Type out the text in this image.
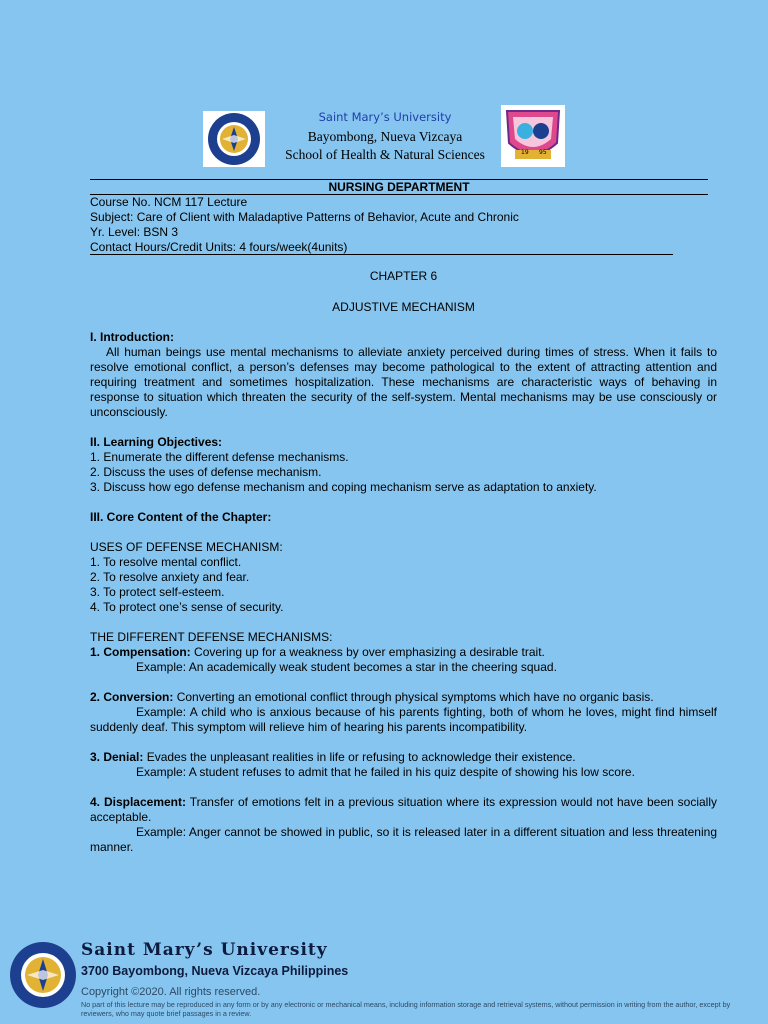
Saint Mary’s University
Bayombong, Nueva Vizcaya
School of Health & Natural Sciences	19 95
NURSING DEPARTMENT
Course No. NCM 117 Lecture
Subject: Care of Client with Maladaptive Patterns of Behavior, Acute and Chronic
Yr. Level: BSN 3
Contact Hours/Credit Units: 4 fours/week(4units)

CHAPTER 6

ADJUSTIVE MECHANISM

I. Introduction:

All human beings use mental mechanisms to alleviate anxiety perceived during times of stress. When it fails to resolve emotional conflict, a person’s defenses may become pathological to the extent of attracting attention and requiring treatment and sometimes hospitalization. These mechanisms are characteristic ways of behaving in response to situation which threaten the security of the self-system. Mental mechanisms may be use consciously or unconsciously.

II. Learning Objectives:

1. Enumerate the different defense mechanisms.

2. Discuss the uses of defense mechanism.

3. Discuss how ego defense mechanism and coping mechanism serve as adaptation to anxiety.

III. Core Content of the Chapter:

USES OF DEFENSE MECHANISM:

1. To resolve mental conflict.

2. To resolve anxiety and fear.

3. To protect self-esteem.

4. To protect one’s sense of security.

THE DIFFERENT DEFENSE MECHANISMS:

1. Compensation: Covering up for a weakness by over emphasizing a desirable trait.

Example: An academically weak student becomes a star in the cheering squad.

2. Conversion: Converting an emotional conflict through physical symptoms which have no organic basis.

Example: A child who is anxious because of his parents fighting, both of whom he loves, might find himself suddenly deaf. This symptom will relieve him of hearing his parents incompatibility.

3. Denial: Evades the unpleasant realities in life or refusing to acknowledge their existence.

Example: A student refuses to admit that he failed in his quiz despite of showing his low score.

4. Displacement: Transfer of emotions felt in a previous situation where its expression would not have been socially acceptable.

Example: Anger cannot be showed in public, so it is released later in a different situation and less threatening manner.

Saint Mary’s University
3700 Bayombong, Nueva Vizcaya Philippines
Copyright ©2020. All rights reserved.
No part of this lecture may be reproduced in any form or by any electronic or mechanical means, including information storage and retrieval systems, without permission in writing from the author, except by reviewers, who may quote brief passages in a review.
